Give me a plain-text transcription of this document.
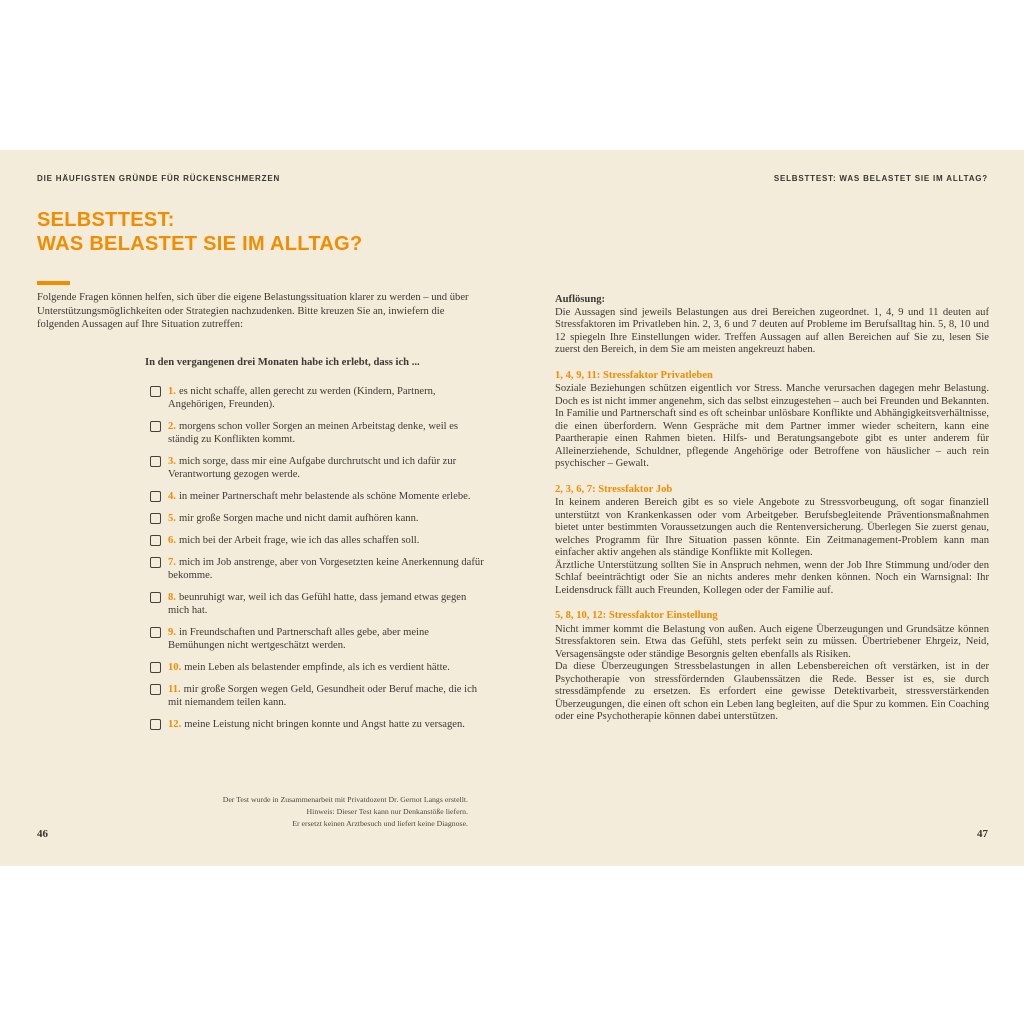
DIE HÄUFIGSTEN GRÜNDE FÜR RÜCKENSCHMERZEN	SELBSTTEST: WAS BELASTET SIE IM ALLTAG?
SELBSTTEST:
WAS BELASTET SIE IM ALLTAG?
Folgende Fragen können helfen, sich über die eigene Belastungssituation klarer zu werden – und über Unterstützungsmöglichkeiten oder Strategien nachzudenken. Bitte kreuzen Sie an, inwiefern die folgenden Aussagen auf Ihre Situation zutreffen:
In den vergangenen drei Monaten habe ich erlebt, dass ich ...
1. es nicht schaffe, allen gerecht zu werden (Kindern, Partnern, Angehörigen, Freunden).
2. morgens schon voller Sorgen an meinen Arbeitstag denke, weil es ständig zu Konflikten kommt.
3. mich sorge, dass mir eine Aufgabe durchrutscht und ich dafür zur Verantwortung gezogen werde.
4. in meiner Partnerschaft mehr belastende als schöne Momente erlebe.
5. mir große Sorgen mache und nicht damit aufhören kann.
6. mich bei der Arbeit frage, wie ich das alles schaffen soll.
7. mich im Job anstrenge, aber von Vorgesetzten keine Anerkennung dafür bekomme.
8. beunruhigt war, weil ich das Gefühl hatte, dass jemand etwas gegen mich hat.
9. in Freundschaften und Partnerschaft alles gebe, aber meine Bemühungen nicht wertgeschätzt werden.
10. mein Leben als belastender empfinde, als ich es verdient hätte.
11. mir große Sorgen wegen Geld, Gesundheit oder Beruf mache, die ich mit niemandem teilen kann.
12. meine Leistung nicht bringen konnte und Angst hatte zu versagen.
Der Test wurde in Zusammenarbeit mit Privatdozent Dr. Gernot Langs erstellt.
Hinweis: Dieser Test kann nur Denkanstöße liefern.
Er ersetzt keinen Arztbesuch und liefert keine Diagnose.
46
Auflösung:

Die Aussagen sind jeweils Belastungen aus drei Bereichen zugeordnet. 1, 4, 9 und 11 deuten auf Stressfaktoren im Privatleben hin. 2, 3, 6 und 7 deuten auf Probleme im Berufsalltag hin. 5, 8, 10 und 12 spiegeln Ihre Einstellungen wider. Treffen Aussagen auf allen Bereichen auf Sie zu, lesen Sie zuerst den Bereich, in dem Sie am meisten angekreuzt haben.

1, 4, 9, 11: Stressfaktor Privatleben

Soziale Beziehungen schützen eigentlich vor Stress. Manche verursachen dagegen mehr Belastung. Doch es ist nicht immer angenehm, sich das selbst einzugestehen – auch bei Freunden und Bekannten. In Familie und Partnerschaft sind es oft scheinbar unlösbare Konflikte und Abhängigkeitsverhältnisse, die einen überfordern. Wenn Gespräche mit dem Partner immer wieder scheitern, kann eine Paartherapie einen Rahmen bieten. Hilfs- und Beratungsangebote gibt es unter anderem für Alleinerziehende, Schuldner, pflegende Angehörige oder Betroffene von häuslicher – auch rein psychischer – Gewalt.

2, 3, 6, 7: Stressfaktor Job

In keinem anderen Bereich gibt es so viele Angebote zu Stressvorbeugung, oft sogar finanziell unterstützt von Krankenkassen oder vom Arbeitgeber. Berufsbegleitende Präventionsmaßnahmen bietet unter bestimmten Voraussetzungen auch die Rentenversicherung. Überlegen Sie zuerst genau, welches Programm für Ihre Situation passen könnte. Ein Zeitmanagement-Problem kann man einfacher aktiv angehen als ständige Konflikte mit Kollegen.

Ärztliche Unterstützung sollten Sie in Anspruch nehmen, wenn der Job Ihre Stimmung und/oder den Schlaf beeinträchtigt oder Sie an nichts anderes mehr denken können. Noch ein Warnsignal: Ihr Leidensdruck fällt auch Freunden, Kollegen oder der Familie auf.

5, 8, 10, 12: Stressfaktor Einstellung

Nicht immer kommt die Belastung von außen. Auch eigene Überzeugungen und Grundsätze können Stressfaktoren sein. Etwa das Gefühl, stets perfekt sein zu müssen. Übertriebener Ehrgeiz, Neid, Versagensängste oder ständige Besorgnis gelten ebenfalls als Risiken.

Da diese Überzeugungen Stressbelastungen in allen Lebensbereichen oft verstärken, ist in der Psychotherapie von stressfördernden Glaubenssätzen die Rede. Besser ist es, sie durch stressdämpfende zu ersetzen. Es erfordert eine gewisse Detektivarbeit, stressverstärkenden Überzeugungen, die einen oft schon ein Leben lang begleiten, auf die Spur zu kommen. Ein Coaching oder eine Psychotherapie können dabei unterstützen.

47
